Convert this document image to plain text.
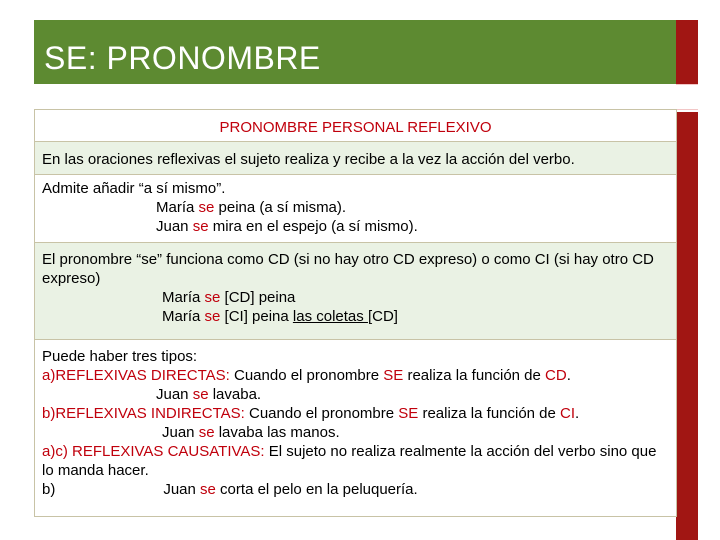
SE: PRONOMBRE
PRONOMBRE PERSONAL REFLEXIVO
En las oraciones reflexivas el sujeto realiza y recibe a la vez la acción del verbo.
Admite añadir “a sí mismo”.
María se peina (a sí misma).
Juan se mira en el espejo (a sí mismo).
El pronombre “se” funciona como CD (si no hay otro CD expreso) o como CI (si hay otro CD expreso)
María se [CD] peina
María se [CI] peina las coletas [CD]
Puede haber tres tipos:
a)REFLEXIVAS DIRECTAS: Cuando el pronombre SE realiza la función de CD.
Juan se lavaba.
b)REFLEXIVAS INDIRECTAS: Cuando el pronombre SE realiza la función de CI.
Juan se lavaba las manos.
a)c) REFLEXIVAS CAUSATIVAS: El sujeto no realiza realmente la acción del verbo sino que lo manda hacer.
b)	Juan se corta el pelo en la peluquería.
